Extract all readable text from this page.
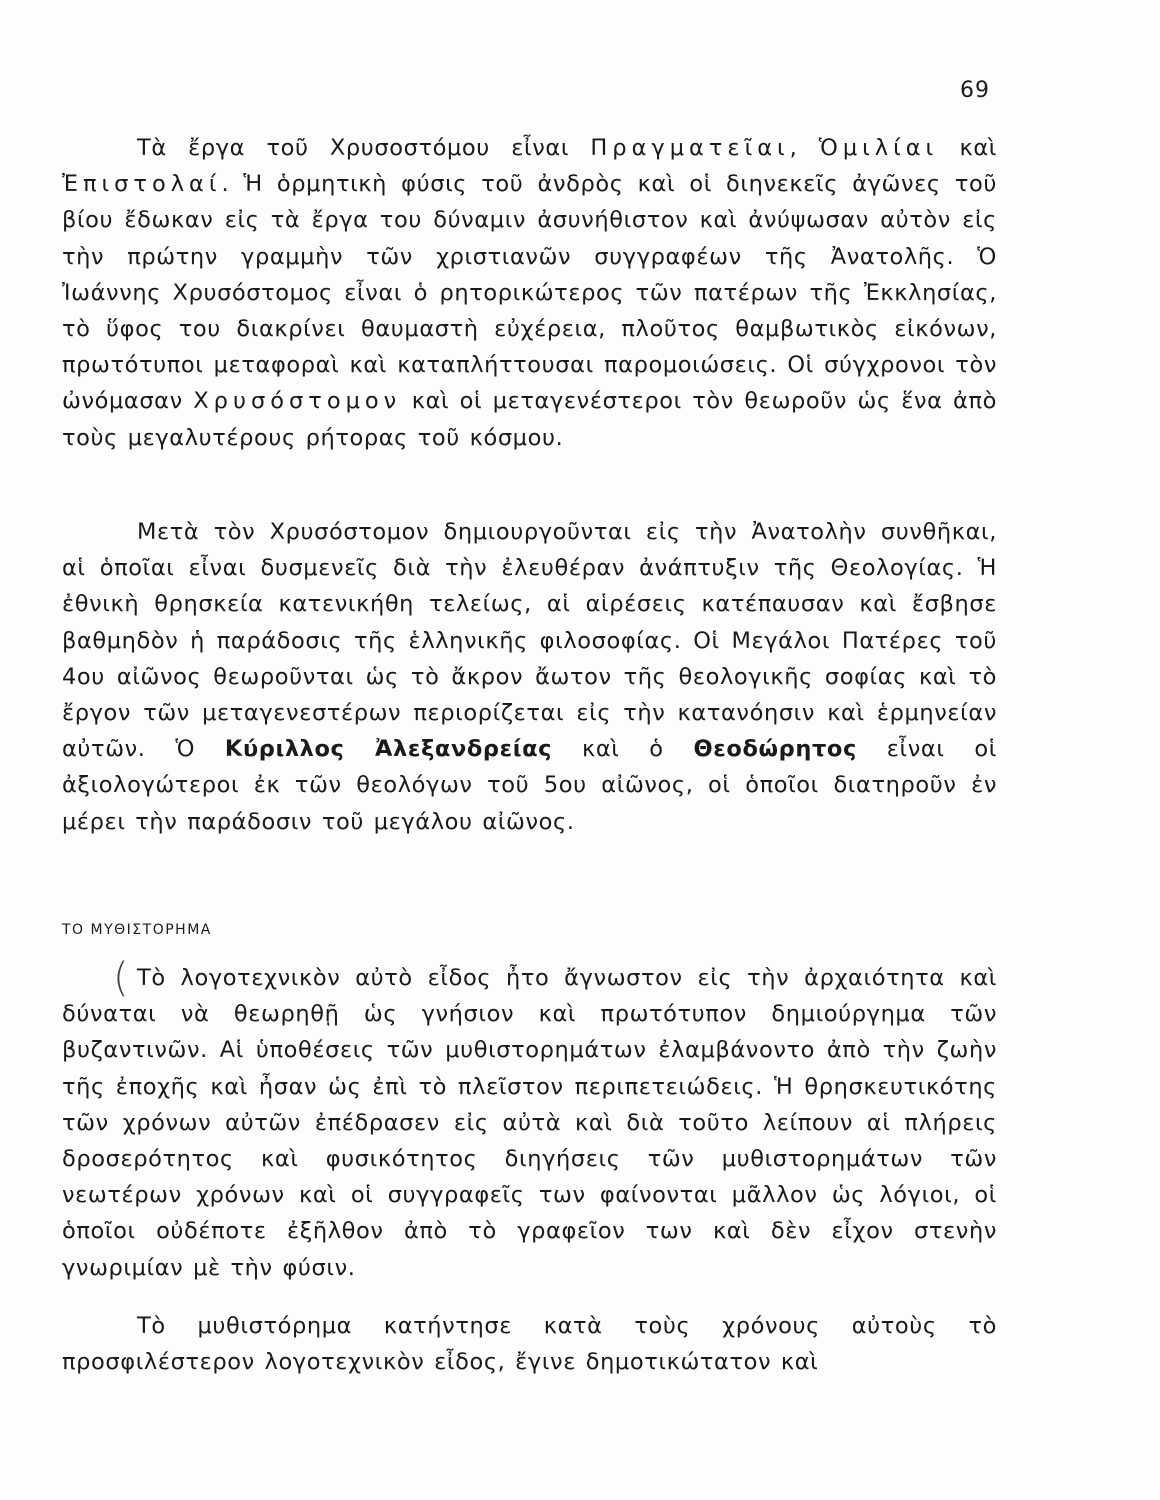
69

Τὰ ἔργα τοῦ Χρυσοστόμου εἶναι Πραγματεῖαι, Ὁμιλίαι καὶ Ἐπιστολαί. Ἡ ὁρμητικὴ φύσις τοῦ ἀνδρὸς καὶ οἱ διηνεκεῖς ἀγῶνες τοῦ βίου ἔδωκαν εἰς τὰ ἔργα του δύναμιν ἀσυνήθιστον καὶ ἀνύψωσαν αὐτὸν εἰς τὴν πρώτην γραμμὴν τῶν χριστιανῶν συγγραφέων τῆς Ἀνατολῆς. Ὁ Ἰωάννης Χρυσόστομος εἶναι ὁ ρητορικώτερος τῶν πατέρων τῆς Ἐκκλησίας, τὸ ὕφος του διακρίνει θαυμαστὴ εὐχέρεια, πλοῦτος θαμβωτικὸς εἰκόνων, πρωτότυποι μεταφοραὶ καὶ καταπλήττουσαι παρομοιώσεις. Οἱ σύγχρονοι τὸν ὠνόμασαν Χρυσόστομον καὶ οἱ μεταγενέστεροι τὸν θεωροῦν ὡς ἕνα ἀπὸ τοὺς μεγαλυτέρους ρήτορας τοῦ κόσμου.

Μετὰ τὸν Χρυσόστομον δημιουργοῦνται εἰς τὴν Ἀνατολὴν συνθῆκαι, αἱ ὁποῖαι εἶναι δυσμενεῖς διὰ τὴν ἐλευθέραν ἀνάπτυξιν τῆς Θεολογίας. Ἡ ἐθνικὴ θρησκεία κατενικήθη τελείως, αἱ αἱρέσεις κατέπαυσαν καὶ ἔσβησε βαθμηδὸν ἡ παράδοσις τῆς ἑλληνικῆς φιλοσοφίας. Οἱ Μεγάλοι Πατέρες τοῦ 4ου αἰῶνος θεωροῦνται ὡς τὸ ἄκρον ἄωτον τῆς θεολογικῆς σοφίας καὶ τὸ ἔργον τῶν μεταγενεστέρων περιορίζεται εἰς τὴν κατανόησιν καὶ ἑρμηνείαν αὐτῶν. Ὁ Κύριλλος Ἀλεξανδρείας καὶ ὁ Θεοδώρητος εἶναι οἱ ἀξιολογώτεροι ἐκ τῶν θεολόγων τοῦ 5ου αἰῶνος, οἱ ὁποῖοι διατηροῦν ἐν μέρει τὴν παράδοσιν τοῦ μεγάλου αἰῶνος.

ΤΟ ΜΥΘΙΣΤΟΡΗΜΑ
( Τὸ λογοτεχνικὸν αὐτὸ εἶδος ἦτο ἄγνωστον εἰς τὴν ἀρχαιότητα καὶ δύναται νὰ θεωρηθῇ ὡς γνήσιον καὶ πρωτότυπον δημιούργημα τῶν βυζαντινῶν. Αἱ ὑποθέσεις τῶν μυθιστορημάτων ἐλαμβάνοντο ἀπὸ τὴν ζωὴν τῆς ἐποχῆς καὶ ἦσαν ὡς ἐπὶ τὸ πλεῖστον περιπετειώδεις. Ἡ θρησκευτικότης τῶν χρόνων αὐτῶν ἐπέδρασεν εἰς αὐτὰ καὶ διὰ τοῦτο λείπουν αἱ πλήρεις δροσερότητος καὶ φυσικότητος διηγήσεις τῶν μυθιστορημάτων τῶν νεωτέρων χρόνων καὶ οἱ συγγραφεῖς των φαίνονται μᾶλλον ὡς λόγιοι, οἱ ὁποῖοι οὐδέποτε ἐξῆλθον ἀπὸ τὸ γραφεῖον των καὶ δὲν εἶχον στενὴν γνωριμίαν μὲ τὴν φύσιν.

Τὸ μυθιστόρημα κατήντησε κατὰ τοὺς χρόνους αὐτοὺς τὸ προσφιλέστερον λογοτεχνικὸν εἶδος, ἔγινε δημοτικώτατον καὶ
